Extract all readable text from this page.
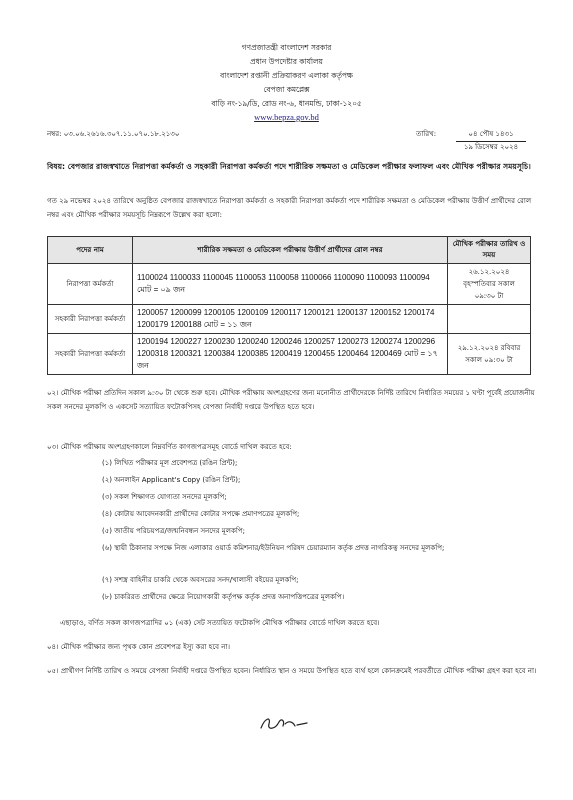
গণপ্রজাতন্ত্রী বাংলাদেশ সরকার
প্রধান উপদেষ্টার কার্যালয়
বাংলাদেশ রপ্তানী প্রক্রিয়াকরণ এলাকা কর্তৃপক্ষ
বেপজা কমপ্লেক্স
বাড়ি নং-১৯/ডি, রোড নং-৬, ধানমন্ডি, ঢাকা-১২০৫
www.bepza.gov.bd
নম্বর: ০৩.০৬.২৬১৬.৩০৭.১১.০৭০.১৮.২১৩০	তারিখ:	০৪ পৌষ ১৪৩১
১৯ ডিসেম্বর ২০২৪
বিষয়: বেপজার রাজস্বখাতে নিরাপত্তা কর্মকর্তা ও সহকারী নিরাপত্তা কর্মকর্তা পদে শারীরিক সক্ষমতা ও মেডিকেল পরীক্ষার ফলাফল এবং মৌখিক পরীক্ষার সময়সূচি।
গত ২৯ নভেম্বর ২০২৪ তারিখে অনুষ্ঠিত বেপজার রাজস্বখাতে নিরাপত্তা কর্মকর্তা ও সহকারী নিরাপত্তা কর্মকর্তা পদে শারীরিক সক্ষমতা ও মেডিকেল পরীক্ষায় উত্তীর্ণ প্রার্থীদের রোল নম্বর এবং মৌখিক পরীক্ষার সময়সূচি নিম্নরূপে উল্লেখ করা হলো:
পদের নাম	শারীরিক সক্ষমতা ও মেডিকেল পরীক্ষায় উত্তীর্ণ প্রার্থীদের রোল নম্বর	মৌখিক পরীক্ষার তারিখ ও সময়
নিরাপত্তা কর্মকর্তা	1100024 1100033 1100045 1100053 1100058 1100066 1100090 1100093 1100094 মোট = ০৯ জন	২৬.১২.২০২৪ বৃহস্পতিবার সকাল ০৯:৩০ টা
সহকারী নিরাপত্তা কর্মকর্তা	1200057 1200099 1200105 1200109 1200117 1200121 1200137 1200152 1200174 1200179 1200188 মোট = ১১ জন	
সহকারী নিরাপত্তা কর্মকর্তা	1200194 1200227 1200230 1200240 1200246 1200257 1200273 1200274 1200296 1200318 1200321 1200384 1200385 1200419 1200455 1200464 1200469 মোট = ১৭ জন	২৯.১২.২০২৪ রবিবার সকাল ০৯:৩০ টা
০২। মৌখিক পরীক্ষা প্রতিদিন সকাল ৯:৩০ টা থেকে শুরু হবে। মৌখিক পরীক্ষায় অংশগ্রহণের জন্য মনোনীত প্রার্থীদেরকে নির্দিষ্ট তারিখে নির্ধারিত সময়ের ১ ঘণ্টা পূর্বেই প্রয়োজনীয় সকল সনদের মূলকপি ও একসেট সত্যায়িত ফটোকপিসহ বেপজা নির্বাহী দপ্তরে উপস্থিত হতে হবে।
০৩। মৌখিক পরীক্ষায় অংশগ্রহণকালে নিম্নবর্ণিত কাগজপত্রসমূহ বোর্ডে দাখিল করতে হবে:
(১) লিখিত পরীক্ষার মূল প্রবেশপত্র (রঙিন প্রিন্ট);
(২) অনলাইন Applicant's Copy (রঙিন প্রিন্ট);
(৩) সকল শিক্ষাগত যোগ্যতা সনদের মূলকপি;
(৪) কোটায় আবেদনকারী প্রার্থীদের কোটার সপক্ষে প্রমাণপত্রের মূলকপি;
(৫) জাতীয় পরিচয়পত্র/জন্মনিবন্ধন সনদের মূলকপি;
(৬) স্থায়ী ঠিকানার সপক্ষে নিজ এলাকার ওয়ার্ড কমিশনার/ইউনিয়ন পরিষদ চেয়ারম্যান কর্তৃক প্রদত্ত নাগরিকত্ব সনদের মূলকপি;
(৭) সশস্ত্র বাহিনীর চাকরি থেকে অবসরের সনদ/খালাসী বইয়ের মূলকপি;
(৮) চাকরিরত প্রার্থীদের ক্ষেত্রে নিয়োগকারী কর্তৃপক্ষ কর্তৃক প্রদত্ত অনাপত্তিপত্রের মূলকপি।
এছাড়াও, বর্ণিত সকল কাগজপত্রাদির ০১ (এক) সেট সত্যায়িত ফটোকপি মৌখিক পরীক্ষার বোর্ডে দাখিল করতে হবে।
০৪। মৌখিক পরীক্ষার জন্য পৃথক কোন প্রবেশপত্র ইস্যু করা হবে না।
০৫। প্রার্থীগণ নির্দিষ্ট তারিখ ও সময়ে বেপজা নির্বাহী দপ্তরে উপস্থিত হবেন। নির্ধারিত স্থান ও সময়ে উপস্থিত হতে ব্যর্থ হলে কোনক্রমেই পরবর্তীতে মৌখিক পরীক্ষা গ্রহণ করা হবে না।
